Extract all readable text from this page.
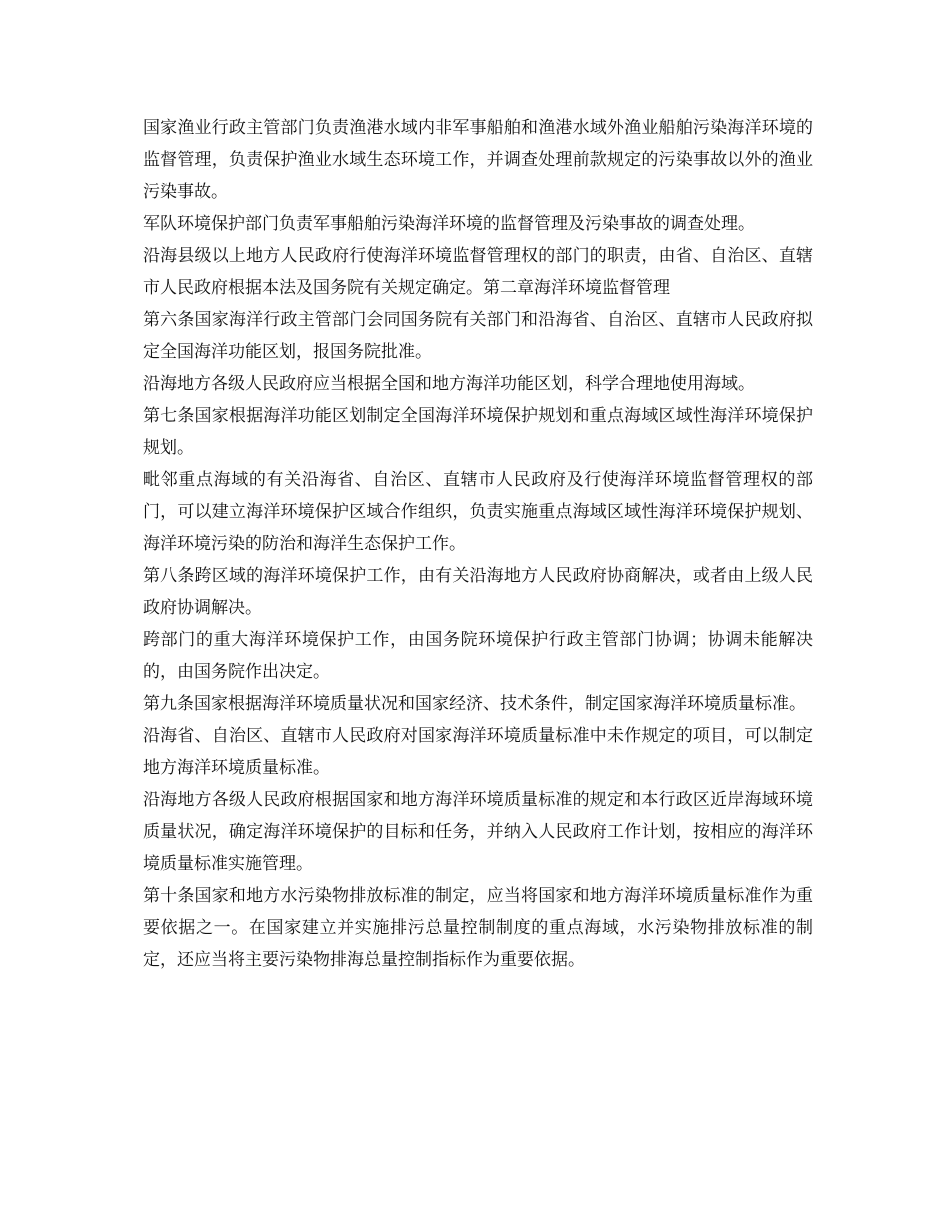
国家渔业行政主管部门负责渔港水域内非军事船舶和渔港水域外渔业船舶污染海洋环境的监督管理，负责保护渔业水域生态环境工作，并调查处理前款规定的污染事故以外的渔业污染事故。

军队环境保护部门负责军事船舶污染海洋环境的监督管理及污染事故的调查处理。

沿海县级以上地方人民政府行使海洋环境监督管理权的部门的职责，由省、自治区、直辖市人民政府根据本法及国务院有关规定确定。第二章海洋环境监督管理

第六条国家海洋行政主管部门会同国务院有关部门和沿海省、自治区、直辖市人民政府拟定全国海洋功能区划，报国务院批准。

沿海地方各级人民政府应当根据全国和地方海洋功能区划，科学合理地使用海域。

第七条国家根据海洋功能区划制定全国海洋环境保护规划和重点海域区域性海洋环境保护规划。

毗邻重点海域的有关沿海省、自治区、直辖市人民政府及行使海洋环境监督管理权的部门，可以建立海洋环境保护区域合作组织，负责实施重点海域区域性海洋环境保护规划、海洋环境污染的防治和海洋生态保护工作。

第八条跨区域的海洋环境保护工作，由有关沿海地方人民政府协商解决，或者由上级人民政府协调解决。

跨部门的重大海洋环境保护工作，由国务院环境保护行政主管部门协调；协调未能解决的，由国务院作出决定。

第九条国家根据海洋环境质量状况和国家经济、技术条件，制定国家海洋环境质量标准。

沿海省、自治区、直辖市人民政府对国家海洋环境质量标准中未作规定的项目，可以制定地方海洋环境质量标准。

沿海地方各级人民政府根据国家和地方海洋环境质量标准的规定和本行政区近岸海域环境质量状况，确定海洋环境保护的目标和任务，并纳入人民政府工作计划，按相应的海洋环境质量标准实施管理。

第十条国家和地方水污染物排放标准的制定，应当将国家和地方海洋环境质量标准作为重要依据之一。在国家建立并实施排污总量控制制度的重点海域，水污染物排放标准的制定，还应当将主要污染物排海总量控制指标作为重要依据。
